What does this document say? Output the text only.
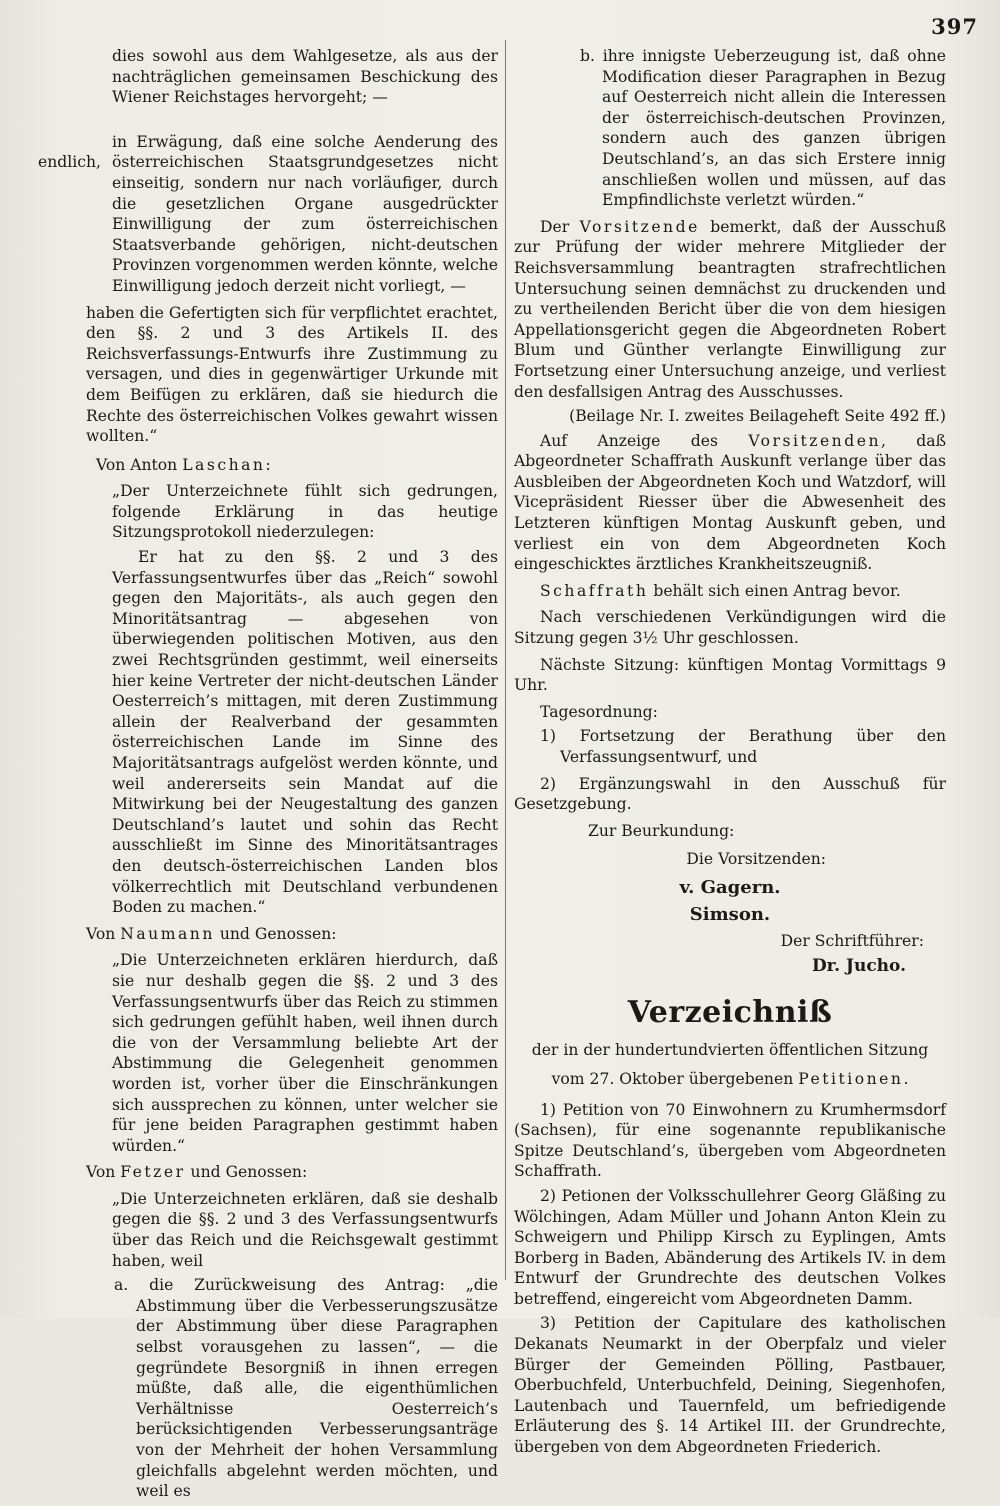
397
endlich,

dies sowohl aus dem Wahlgesetze, als aus der nachträglichen gemeinsamen Beschickung des Wiener Reichstages hervorgeht; —

in Erwägung, daß eine solche Aenderung des österreichischen Staatsgrundgesetzes nicht einseitig, sondern nur nach vorläufiger, durch die gesetzlichen Organe ausgedrückter Einwilligung der zum österreichischen Staatsverbande gehörigen, nicht-deutschen Provinzen vorgenommen werden könnte, welche Einwilligung jedoch derzeit nicht vorliegt, —

haben die Gefertigten sich für verpflichtet erachtet, den §§. 2 und 3 des Artikels II. des Reichsverfassungs-Entwurfs ihre Zustimmung zu versagen, und dies in gegenwärtiger Urkunde mit dem Beifügen zu erklären, daß sie hiedurch die Rechte des österreichischen Volkes gewahrt wissen wollten.“

Von Anton Laschan:

„Der Unterzeichnete fühlt sich gedrungen, folgende Erklärung in das heutige Sitzungsprotokoll niederzulegen:

Er hat zu den §§. 2 und 3 des Verfassungsentwurfes über das „Reich“ sowohl gegen den Majoritäts-, als auch gegen den Minoritätsantrag — abgesehen von überwiegenden politischen Motiven, aus den zwei Rechtsgründen gestimmt, weil einerseits hier keine Vertreter der nicht-deutschen Länder Oesterreich’s mittagen, mit deren Zustimmung allein der Realverband der gesammten österreichischen Lande im Sinne des Majoritätsantrags aufgelöst werden könnte, und weil andererseits sein Mandat auf die Mitwirkung bei der Neugestaltung des ganzen Deutschland’s lautet und sohin das Recht ausschließt im Sinne des Minoritätsantrages den deutsch-österreichischen Landen blos völkerrechtlich mit Deutschland verbundenen Boden zu machen.“

Von Naumann und Genossen:

„Die Unterzeichneten erklären hierdurch, daß sie nur deshalb gegen die §§. 2 und 3 des Verfassungsentwurfs über das Reich zu stimmen sich gedrungen gefühlt haben, weil ihnen durch die von der Versammlung beliebte Art der Abstimmung die Gelegenheit genommen worden ist, vorher über die Einschränkungen sich aussprechen zu können, unter welcher sie für jene beiden Paragraphen gestimmt haben würden.“

Von Fetzer und Genossen:

„Die Unterzeichneten erklären, daß sie deshalb gegen die §§. 2 und 3 des Verfassungsentwurfs über das Reich und die Reichsgewalt gestimmt haben, weil

a. die Zurückweisung des Antrag: „die Abstimmung über die Verbesserungszusätze der Abstimmung über diese Paragraphen selbst vorausgehen zu lassen“, — die gegründete Besorgniß in ihnen erregen müßte, daß alle, die eigenthümlichen Verhältnisse Oesterreich’s berücksichtigenden Verbesserungsanträge von der Mehrheit der hohen Versammlung gleichfalls abgelehnt werden möchten, und weil es

b. ihre innigste Ueberzeugung ist, daß ohne Modification dieser Paragraphen in Bezug auf Oesterreich nicht allein die Interessen der österreichisch-deutschen Provinzen, sondern auch des ganzen übrigen Deutschland’s, an das sich Erstere innig anschließen wollen und müssen, auf das Empfindlichste verletzt würden.“

Der Vorsitzende bemerkt, daß der Ausschuß zur Prüfung der wider mehrere Mitglieder der Reichsversammlung beantragten strafrechtlichen Untersuchung seinen demnächst zu druckenden und zu vertheilenden Bericht über die von dem hiesigen Appellationsgericht gegen die Abgeordneten Robert Blum und Günther verlangte Einwilligung zur Fortsetzung einer Untersuchung anzeige, und verliest den desfallsigen Antrag des Ausschusses.

(Beilage Nr. I. zweites Beilageheft Seite 492 ff.)

Auf Anzeige des Vorsitzenden, daß Abgeordneter Schaffrath Auskunft verlange über das Ausbleiben der Abgeordneten Koch und Watzdorf, will Vicepräsident Riesser über die Abwesenheit des Letzteren künftigen Montag Auskunft geben, und verliest ein von dem Abgeordneten Koch eingeschicktes ärztliches Krankheitszeugniß.

Schaffrath behält sich einen Antrag bevor.

Nach verschiedenen Verkündigungen wird die Sitzung gegen 3½ Uhr geschlossen.

Nächste Sitzung: künftigen Montag Vormittags 9 Uhr.

Tagesordnung:

1) Fortsetzung der Berathung über den Verfassungsentwurf, und

2) Ergänzungswahl in den Ausschuß für Gesetzgebung.

Zur Beurkundung:

Die Vorsitzenden:

v. Gagern.

Simson.

Der Schriftführer:

Dr. Jucho.

Verzeichniß

der in der hundertundvierten öffentlichen Sitzung

vom 27. Oktober übergebenen Petitionen.

1) Petition von 70 Einwohnern zu Krumhermsdorf (Sachsen), für eine sogenannte republikanische Spitze Deutschland’s, übergeben vom Abgeordneten Schaffrath.

2) Petionen der Volksschullehrer Georg Gläßing zu Wölchingen, Adam Müller und Johann Anton Klein zu Schweigern und Philipp Kirsch zu Eyplingen, Amts Borberg in Baden, Abänderung des Artikels IV. in dem Entwurf der Grundrechte des deutschen Volkes betreffend, eingereicht vom Abgeordneten Damm.

3) Petition der Capitulare des katholischen Dekanats Neumarkt in der Oberpfalz und vieler Bürger der Gemeinden Pölling, Pastbauer, Oberbuchfeld, Unterbuchfeld, Deining, Siegenhofen, Lautenbach und Tauernfeld, um befriedigende Erläuterung des §. 14 Artikel III. der Grundrechte, übergeben von dem Abgeordneten Friederich.
